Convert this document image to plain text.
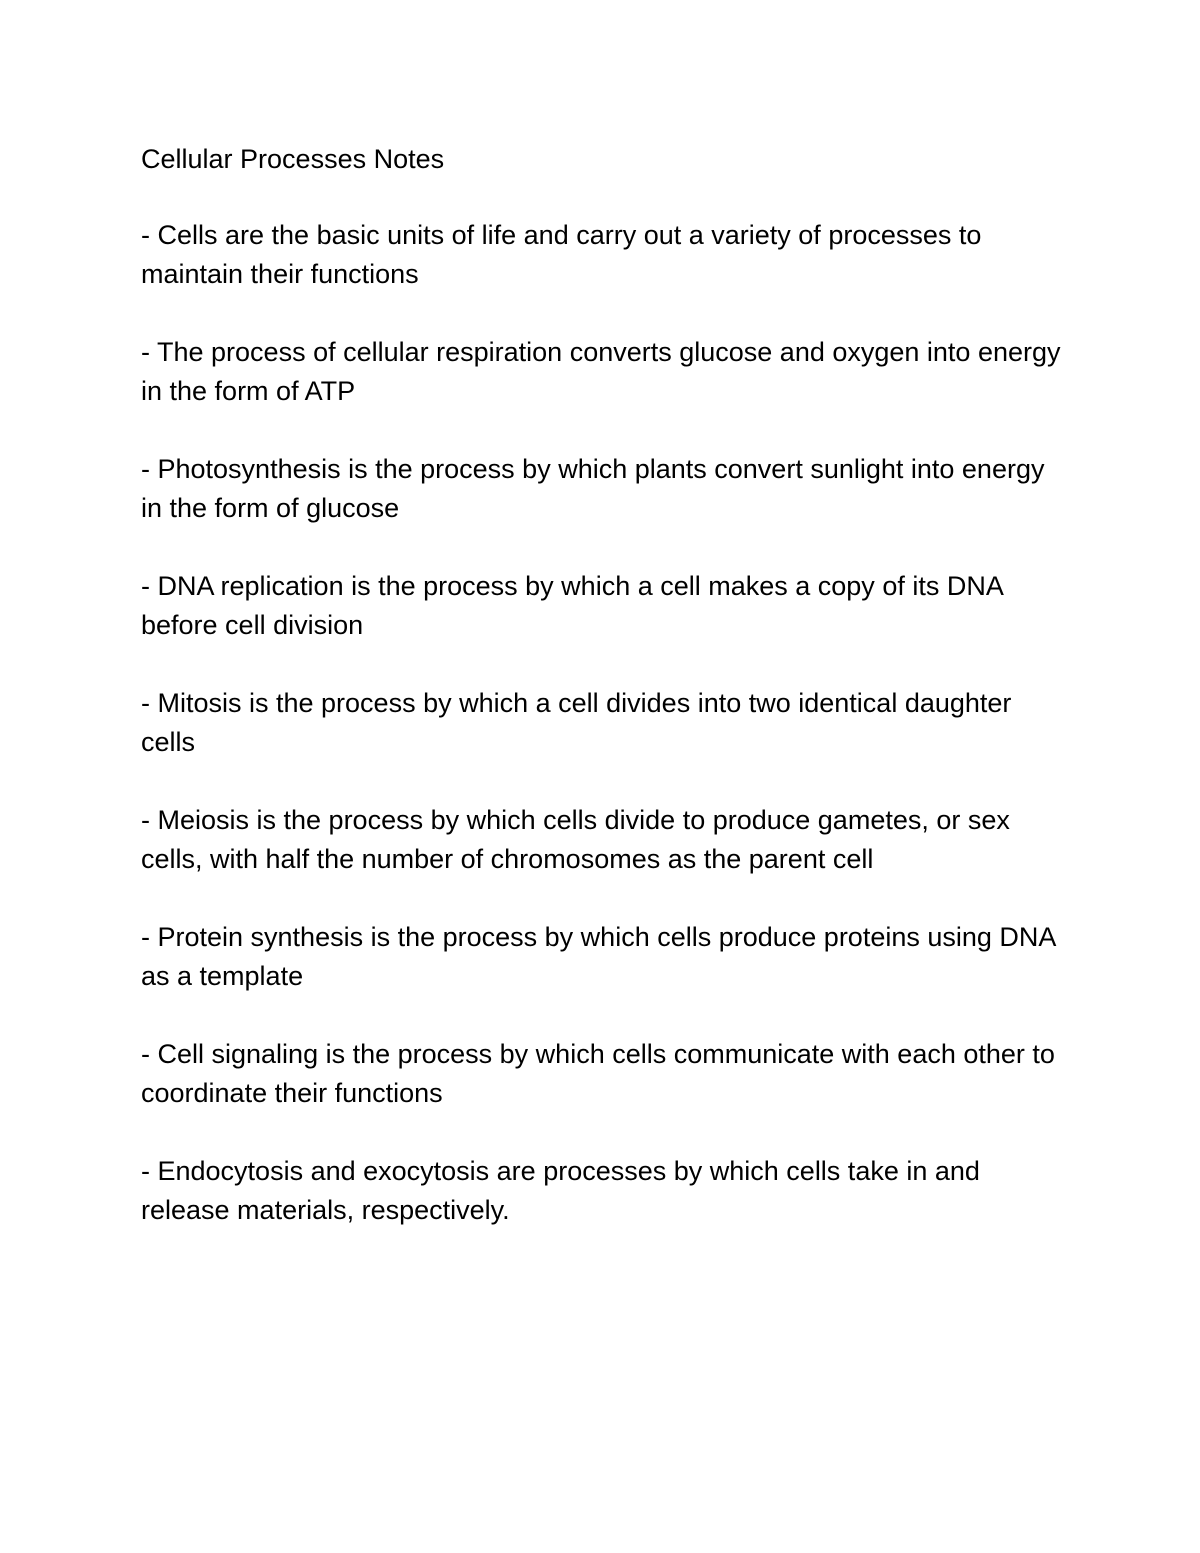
Cellular Processes Notes
- Cells are the basic units of life and carry out a variety of processes to maintain their functions
- The process of cellular respiration converts glucose and oxygen into energy in the form of ATP
- Photosynthesis is the process by which plants convert sunlight into energy in the form of glucose
- DNA replication is the process by which a cell makes a copy of its DNA before cell division
- Mitosis is the process by which a cell divides into two identical daughter cells
- Meiosis is the process by which cells divide to produce gametes, or sex cells, with half the number of chromosomes as the parent cell
- Protein synthesis is the process by which cells produce proteins using DNA as a template
- Cell signaling is the process by which cells communicate with each other to coordinate their functions
- Endocytosis and exocytosis are processes by which cells take in and release materials, respectively.
